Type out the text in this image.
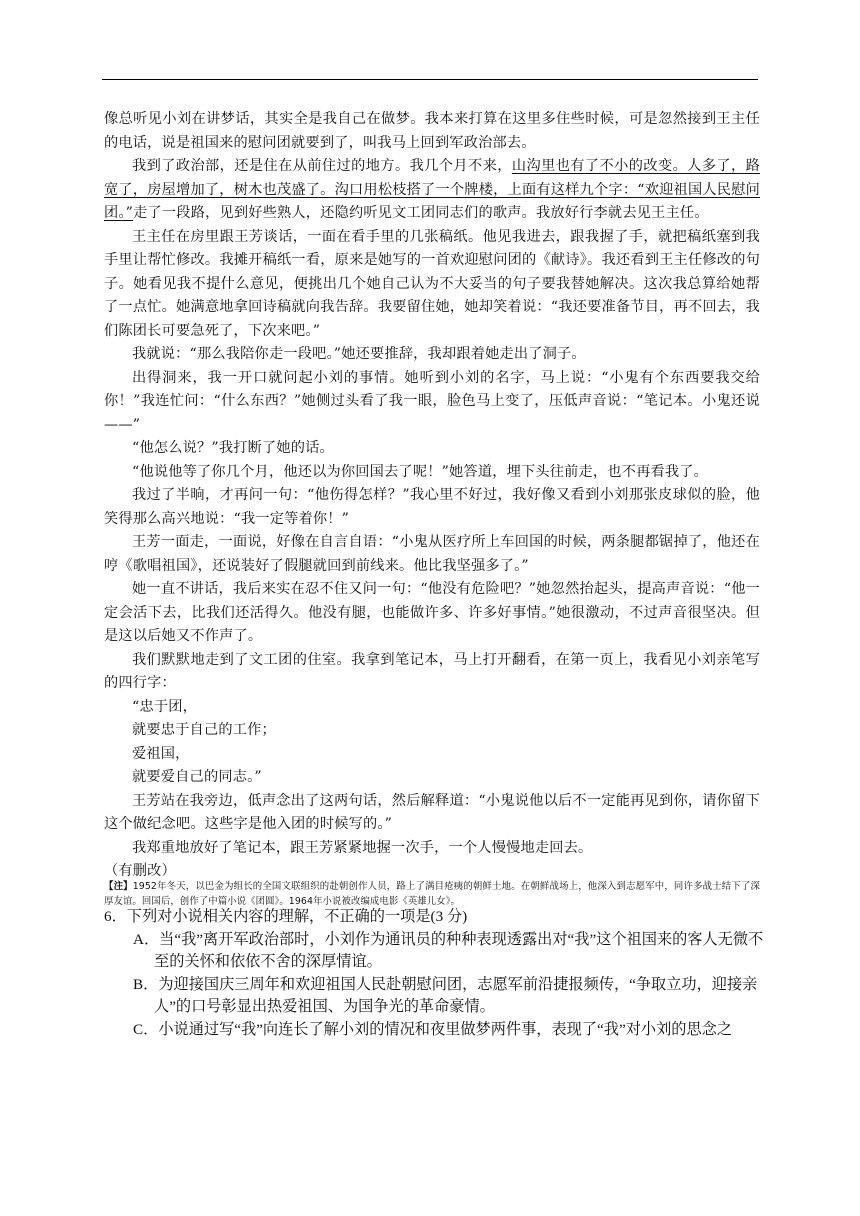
像总听见小刘在讲梦话，其实全是我自己在做梦。我本来打算在这里多住些时候，可是忽然接到王主任的电话，说是祖国来的慰问团就要到了，叫我马上回到军政治部去。

我到了政治部，还是住在从前住过的地方。我几个月不来，山沟里也有了不小的改变。人多了，路宽了，房屋增加了，树木也茂盛了。沟口用松枝搭了一个牌楼，上面有这样九个字：“欢迎祖国人民慰问团。”走了一段路，见到好些熟人，还隐约听见文工团同志们的歌声。我放好行李就去见王主任。

王主任在房里跟王芳谈话，一面在看手里的几张稿纸。他见我进去，跟我握了手，就把稿纸塞到我手里让帮忙修改。我摊开稿纸一看，原来是她写的一首欢迎慰问团的《献诗》。我还看到王主任修改的句子。她看见我不提什么意见，便挑出几个她自己认为不大妥当的句子要我替她解决。这次我总算给她帮了一点忙。她满意地拿回诗稿就向我告辞。我要留住她，她却笑着说：“我还要准备节目，再不回去，我们陈团长可要急死了，下次来吧。”

我就说：“那么我陪你走一段吧。”她还要推辞，我却跟着她走出了洞子。

出得洞来，我一开口就问起小刘的事情。她听到小刘的名字，马上说：“小鬼有个东西要我交给你！”我连忙问：“什么东西？”她侧过头看了我一眼，脸色马上变了，压低声音说：“笔记本。小鬼还说——”

“他怎么说？”我打断了她的话。

“他说他等了你几个月，他还以为你回国去了呢！”她答道，埋下头往前走，也不再看我了。

我过了半晌，才再问一句：“他伤得怎样？”我心里不好过，我好像又看到小刘那张皮球似的脸，他笑得那么高兴地说：“我一定等着你！”

王芳一面走，一面说，好像在自言自语：“小鬼从医疗所上车回国的时候，两条腿都锯掉了，他还在哼《歌唱祖国》，还说装好了假腿就回到前线来。他比我坚强多了。”

她一直不讲话，我后来实在忍不住又问一句：“他没有危险吧？”她忽然抬起头，提高声音说：“他一定会活下去，比我们还活得久。他没有腿，也能做许多、许多好事情。”她很激动，不过声音很坚决。但是这以后她又不作声了。

我们默默地走到了文工团的住室。我拿到笔记本，马上打开翻看，在第一页上，我看见小刘亲笔写的四行字：

“忠于团，

就要忠于自己的工作；

爱祖国，

就要爱自己的同志。”

王芳站在我旁边，低声念出了这两句话，然后解释道：“小鬼说他以后不一定能再见到你，请你留下这个做纪念吧。这些字是他入团的时候写的。”

我郑重地放好了笔记本，跟王芳紧紧地握一次手，一个人慢慢地走回去。

（有删改）

【注】1952年冬天，以巴金为组长的全国文联组织的赴朝创作人员，路上了满目疮痍的朝鲜土地。在朝鲜战场上，他深入到志愿军中，同许多战士结下了深厚友谊。回国后，创作了中篇小说《团圆》。1964年小说被改编成电影《英雄儿女》。

6．下列对小说相关内容的理解，不正确的一项是(3 分)

A．当“我”离开军政治部时，小刘作为通讯员的种种表现透露出对“我”这个祖国来的客人无微不至的关怀和依依不舍的深厚情谊。

B．为迎接国庆三周年和欢迎祖国人民赴朝慰问团，志愿军前沿捷报频传，“争取立功，迎接亲人”的口号彰显出热爱祖国、为国争光的革命豪情。

C．小说通过写“我”向连长了解小刘的情况和夜里做梦两件事，表现了“我”对小刘的思念之
